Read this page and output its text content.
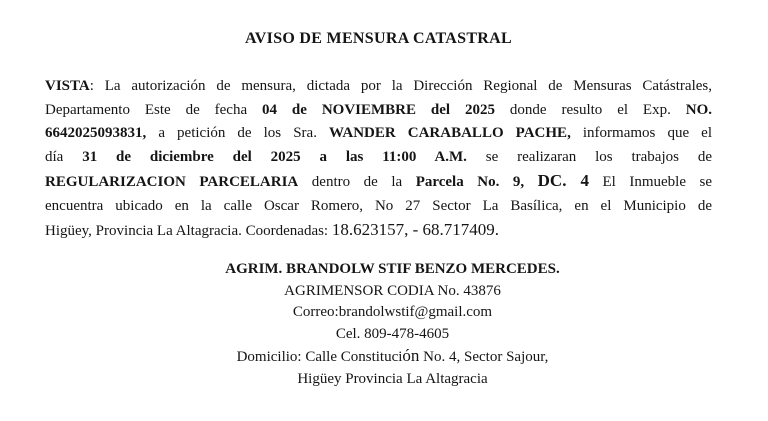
AVISO DE MENSURA CATASTRAL
VISTA: La autorización de mensura, dictada por la Dirección Regional de Mensuras Catástrales,
Departamento Este de fecha 04 de NOVIEMBRE del 2025 donde resulto el Exp. NO.
6642025093831, a petición de los Sra. WANDER CARABALLO PACHE, informamos que el
día 31 de diciembre del 2025 a las 11:00 A.M. se realizaran los trabajos de
REGULARIZACION PARCELARIA dentro de la Parcela No. 9, DC. 4 El Inmueble se
encuentra ubicado en la calle Oscar Romero, No 27 Sector La Basílica, en el Municipio de
Higüey, Provincia La Altagracia. Coordenadas: 18.623157, - 68.717409.
AGRIM. BRANDOLW STIF BENZO MERCEDES.
AGRIMENSOR CODIA No. 43876
Correo:brandolwstif@gmail.com
Cel. 809-478-4605
Domicilio: Calle Constitución No. 4, Sector Sajour,
Higüey Provincia La Altagracia
